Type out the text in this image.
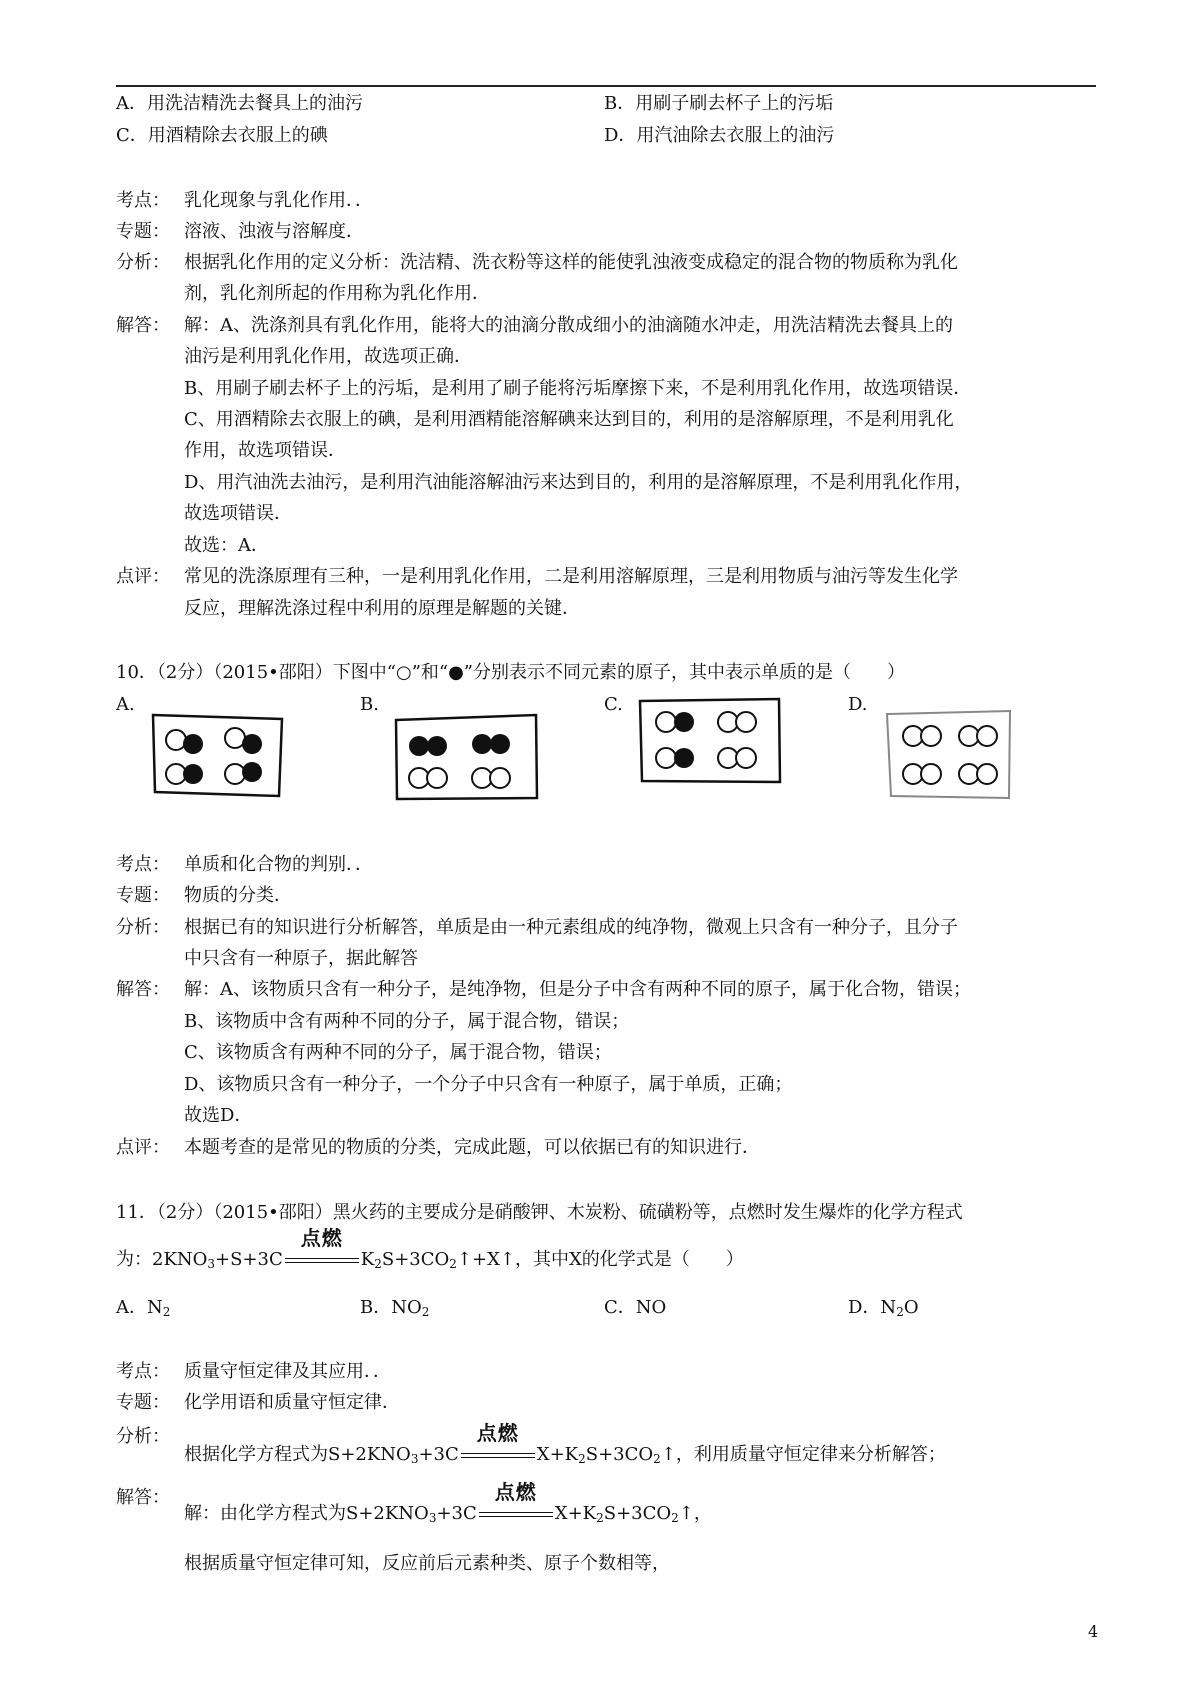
A．用洗洁精洗去餐具上的油污	B．用刷子刷去杯子上的污垢
C．用酒精除去衣服上的碘	D．用汽油除去衣服上的油污
考点： 乳化现象与乳化作用．．
专题： 溶液、浊液与溶解度．
分析： 根据乳化作用的定义分析：洗洁精、洗衣粉等这样的能使乳浊液变成稳定的混合物的物质称为乳化
剂，乳化剂所起的作用称为乳化作用．
解答： 解：A、洗涤剂具有乳化作用，能将大的油滴分散成细小的油滴随水冲走，用洗洁精洗去餐具上的
油污是利用乳化作用，故选项正确．
B、用刷子刷去杯子上的污垢，是利用了刷子能将污垢摩擦下来，不是利用乳化作用，故选项错误．
C、用酒精除去衣服上的碘，是利用酒精能溶解碘来达到目的，利用的是溶解原理，不是利用乳化
作用，故选项错误．
D、用汽油洗去油污，是利用汽油能溶解油污来达到目的，利用的是溶解原理，不是利用乳化作用，
故选项错误．
故选：A．
点评： 常见的洗涤原理有三种，一是利用乳化作用，二是利用溶解原理，三是利用物质与油污等发生化学
反应，理解洗涤过程中利用的原理是解题的关键．
10．（2分）（2015•邵阳）下图中“○”和“●”分别表示不同元素的原子，其中表示单质的是（　　）
A.	B.	C.	D.
考点： 单质和化合物的判别．．
专题： 物质的分类．
分析： 根据已有的知识进行分析解答，单质是由一种元素组成的纯净物，微观上只含有一种分子，且分子
中只含有一种原子，据此解答
解答： 解：A、该物质只含有一种分子，是纯净物，但是分子中含有两种不同的原子，属于化合物，错误；
B、该物质中含有两种不同的分子，属于混合物，错误；
C、该物质含有两种不同的分子，属于混合物，错误；
D、该物质只含有一种分子，一个分子中只含有一种原子，属于单质，正确；
故选D．
点评： 本题考查的是常见的物质的分类，完成此题，可以依据已有的知识进行．
11．（2分）（2015•邵阳）黑火药的主要成分是硝酸钾、木炭粉、硫磺粉等，点燃时发生爆炸的化学方程式
为：$2KNO_3+S+3C$
点燃
$K_2S+3CO_2↑+X↑$，其中X的化学式是（　　）
A．$N_2$	B．$NO_2$	C．NO	D．$N_2O$
考点： 质量守恒定律及其应用．．
专题： 化学用语和质量守恒定律．
分析：
根据化学方程式为$S+2KNO_3+3C$
点燃
$X+K_2S+3CO_2↑$，利用质量守恒定律来分析解答；
解答：
解：由化学方程式为$S+2KNO_3+3C$
点燃
$X+K_2S+3CO_2↑$，
根据质量守恒定律可知，反应前后元素种类、原子个数相等，
4
